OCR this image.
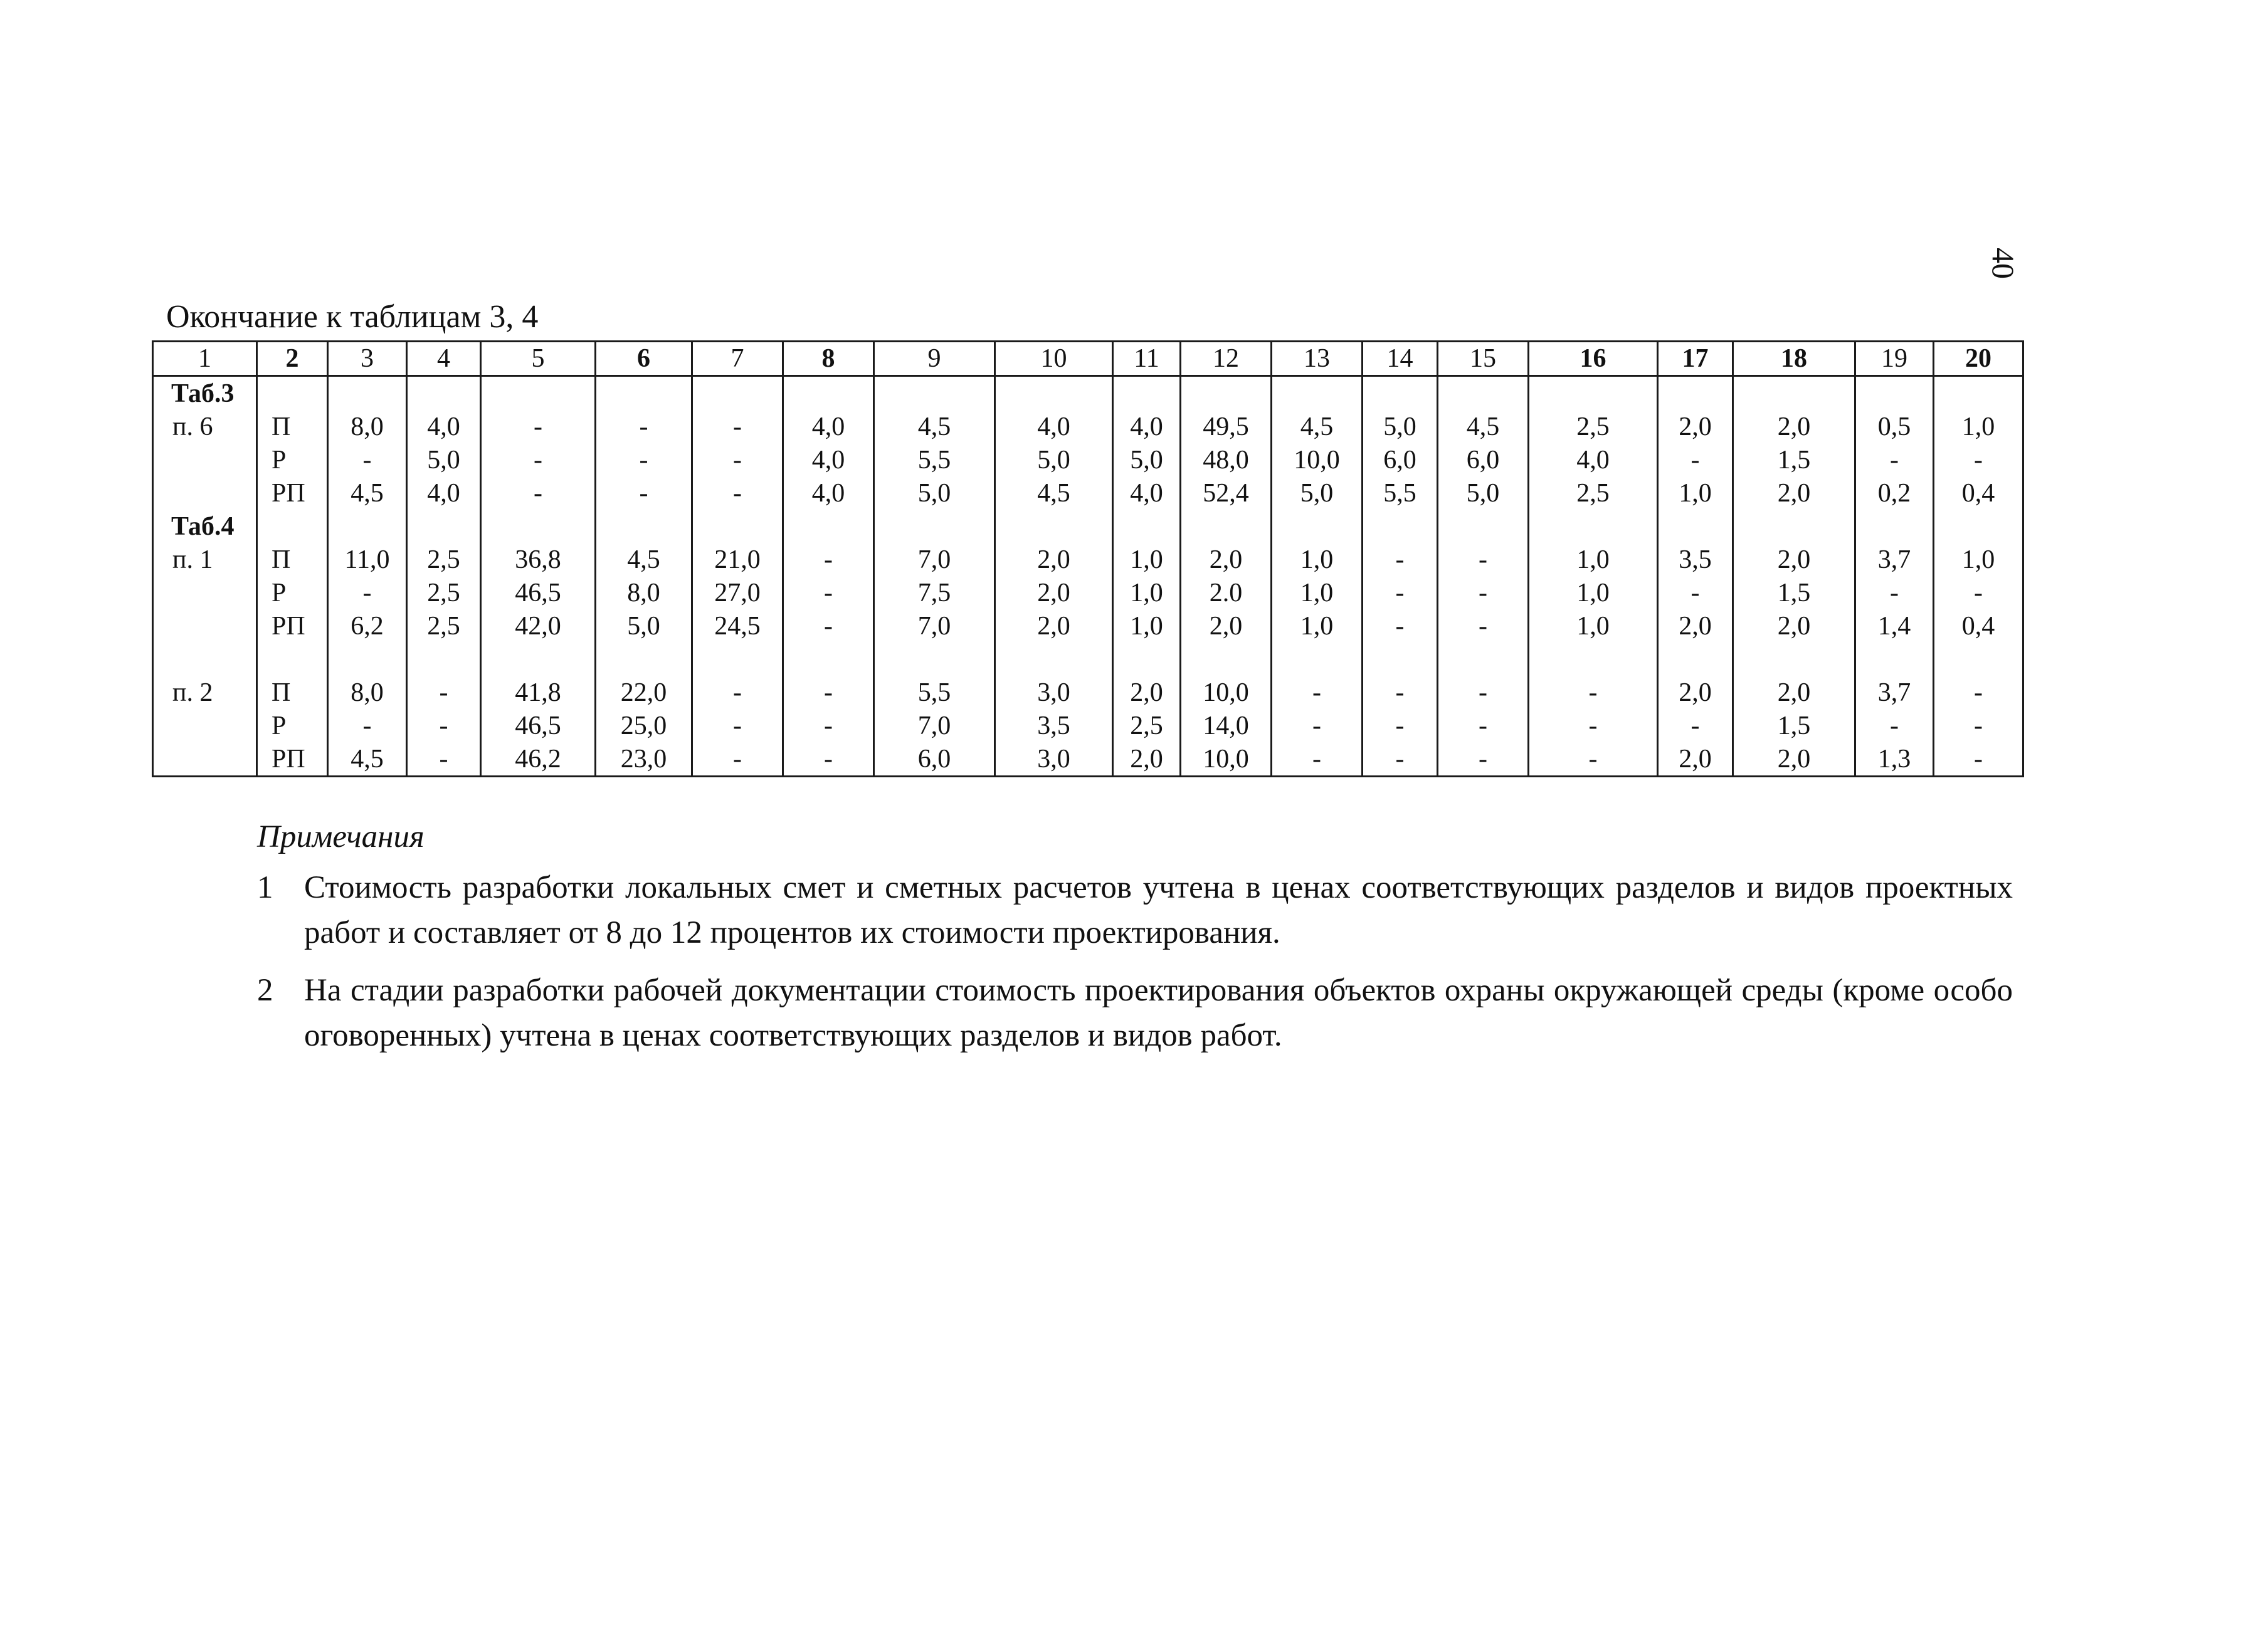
40
Окончание к таблицам 3, 4
1	2	3	4	5	6	7	8	9	10	11	12	13	14	15	16	17	18	19	20
Таб.3																			
п. 6	П	8,0	4,0	-	-	-	4,0	4,5	4,0	4,0	49,5	4,5	5,0	4,5	2,5	2,0	2,0	0,5	1,0
	Р	-	5,0	-	-	-	4,0	5,5	5,0	5,0	48,0	10,0	6,0	6,0	4,0	-	1,5	-	-
	РП	4,5	4,0	-	-	-	4,0	5,0	4,5	4,0	52,4	5,0	5,5	5,0	2,5	1,0	2,0	0,2	0,4
Таб.4																			
п. 1	П	11,0	2,5	36,8	4,5	21,0	-	7,0	2,0	1,0	2,0	1,0	-	-	1,0	3,5	2,0	3,7	1,0
	Р	-	2,5	46,5	8,0	27,0	-	7,5	2,0	1,0	2.0	1,0	-	-	1,0	-	1,5	-	-
	РП	6,2	2,5	42,0	5,0	24,5	-	7,0	2,0	1,0	2,0	1,0	-	-	1,0	2,0	2,0	1,4	0,4

п. 2	П	8,0	-	41,8	22,0	-	-	5,5	3,0	2,0	10,0	-	-	-	-	2,0	2,0	3,7	-
	Р	-	-	46,5	25,0	-	-	7,0	3,5	2,5	14,0	-	-	-	-	-	1,5	-	-
	РП	4,5	-	46,2	23,0	-	-	6,0	3,0	2,0	10,0	-	-	-	-	2,0	2,0	1,3	-
Примечания
1 Стоимость разработки локальных смет и сметных расчетов учтена в ценах соответствующих разделов и видов проектных работ и составляет от 8 до 12 процентов их стоимости проектирования.
2 На стадии разработки рабочей документации стоимость проектирования объектов охраны окружающей среды (кроме особо оговоренных) учтена в ценах соответствующих разделов и видов работ.
